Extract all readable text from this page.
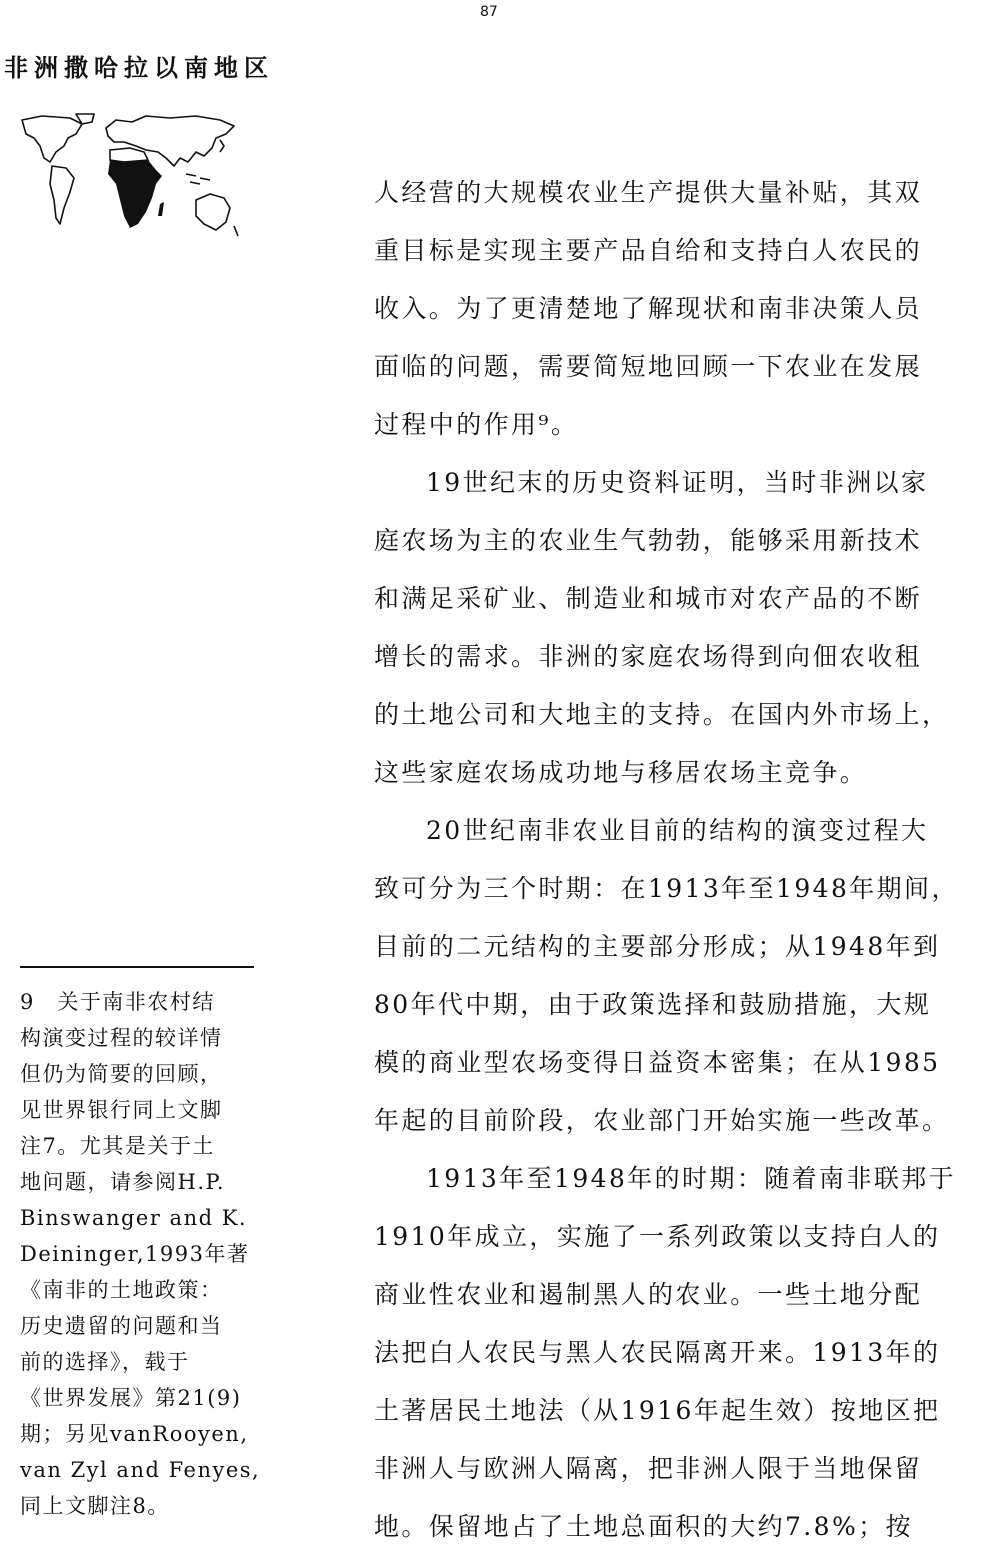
87
非洲撒哈拉以南地区
人经营的大规模农业生产提供大量补贴，其双
重目标是实现主要产品自给和支持白人农民的
收入。为了更清楚地了解现状和南非决策人员
面临的问题，需要简短地回顾一下农业在发展
过程中的作用⁹。
19世纪末的历史资料证明，当时非洲以家
庭农场为主的农业生气勃勃，能够采用新技术
和满足采矿业、制造业和城市对农产品的不断
增长的需求。非洲的家庭农场得到向佃农收租
的土地公司和大地主的支持。在国内外市场上，
这些家庭农场成功地与移居农场主竞争。
20世纪南非农业目前的结构的演变过程大
致可分为三个时期：在1913年至1948年期间，
目前的二元结构的主要部分形成；从1948年到
80年代中期，由于政策选择和鼓励措施，大规
模的商业型农场变得日益资本密集；在从1985
年起的目前阶段，农业部门开始实施一些改革。
1913年至1948年的时期：随着南非联邦于
1910年成立，实施了一系列政策以支持白人的
商业性农业和遏制黑人的农业。一些土地分配
法把白人农民与黑人农民隔离开来。1913年的
土著居民土地法（从1916年起生效）按地区把
非洲人与欧洲人隔离，把非洲人限于当地保留
地。保留地占了土地总面积的大约7.8%；按
9　关于南非农村结
构演变过程的较详情
但仍为简要的回顾，
见世界银行同上文脚
注7。尤其是关于土
地问题，请参阅H.P.
Binswanger and K.
Deininger,1993年著
《南非的土地政策：
历史遗留的问题和当
前的选择》，载于
《世界发展》第21(9)
期；另见vanRooyen,
van Zyl and Fenyes,
同上文脚注8。
